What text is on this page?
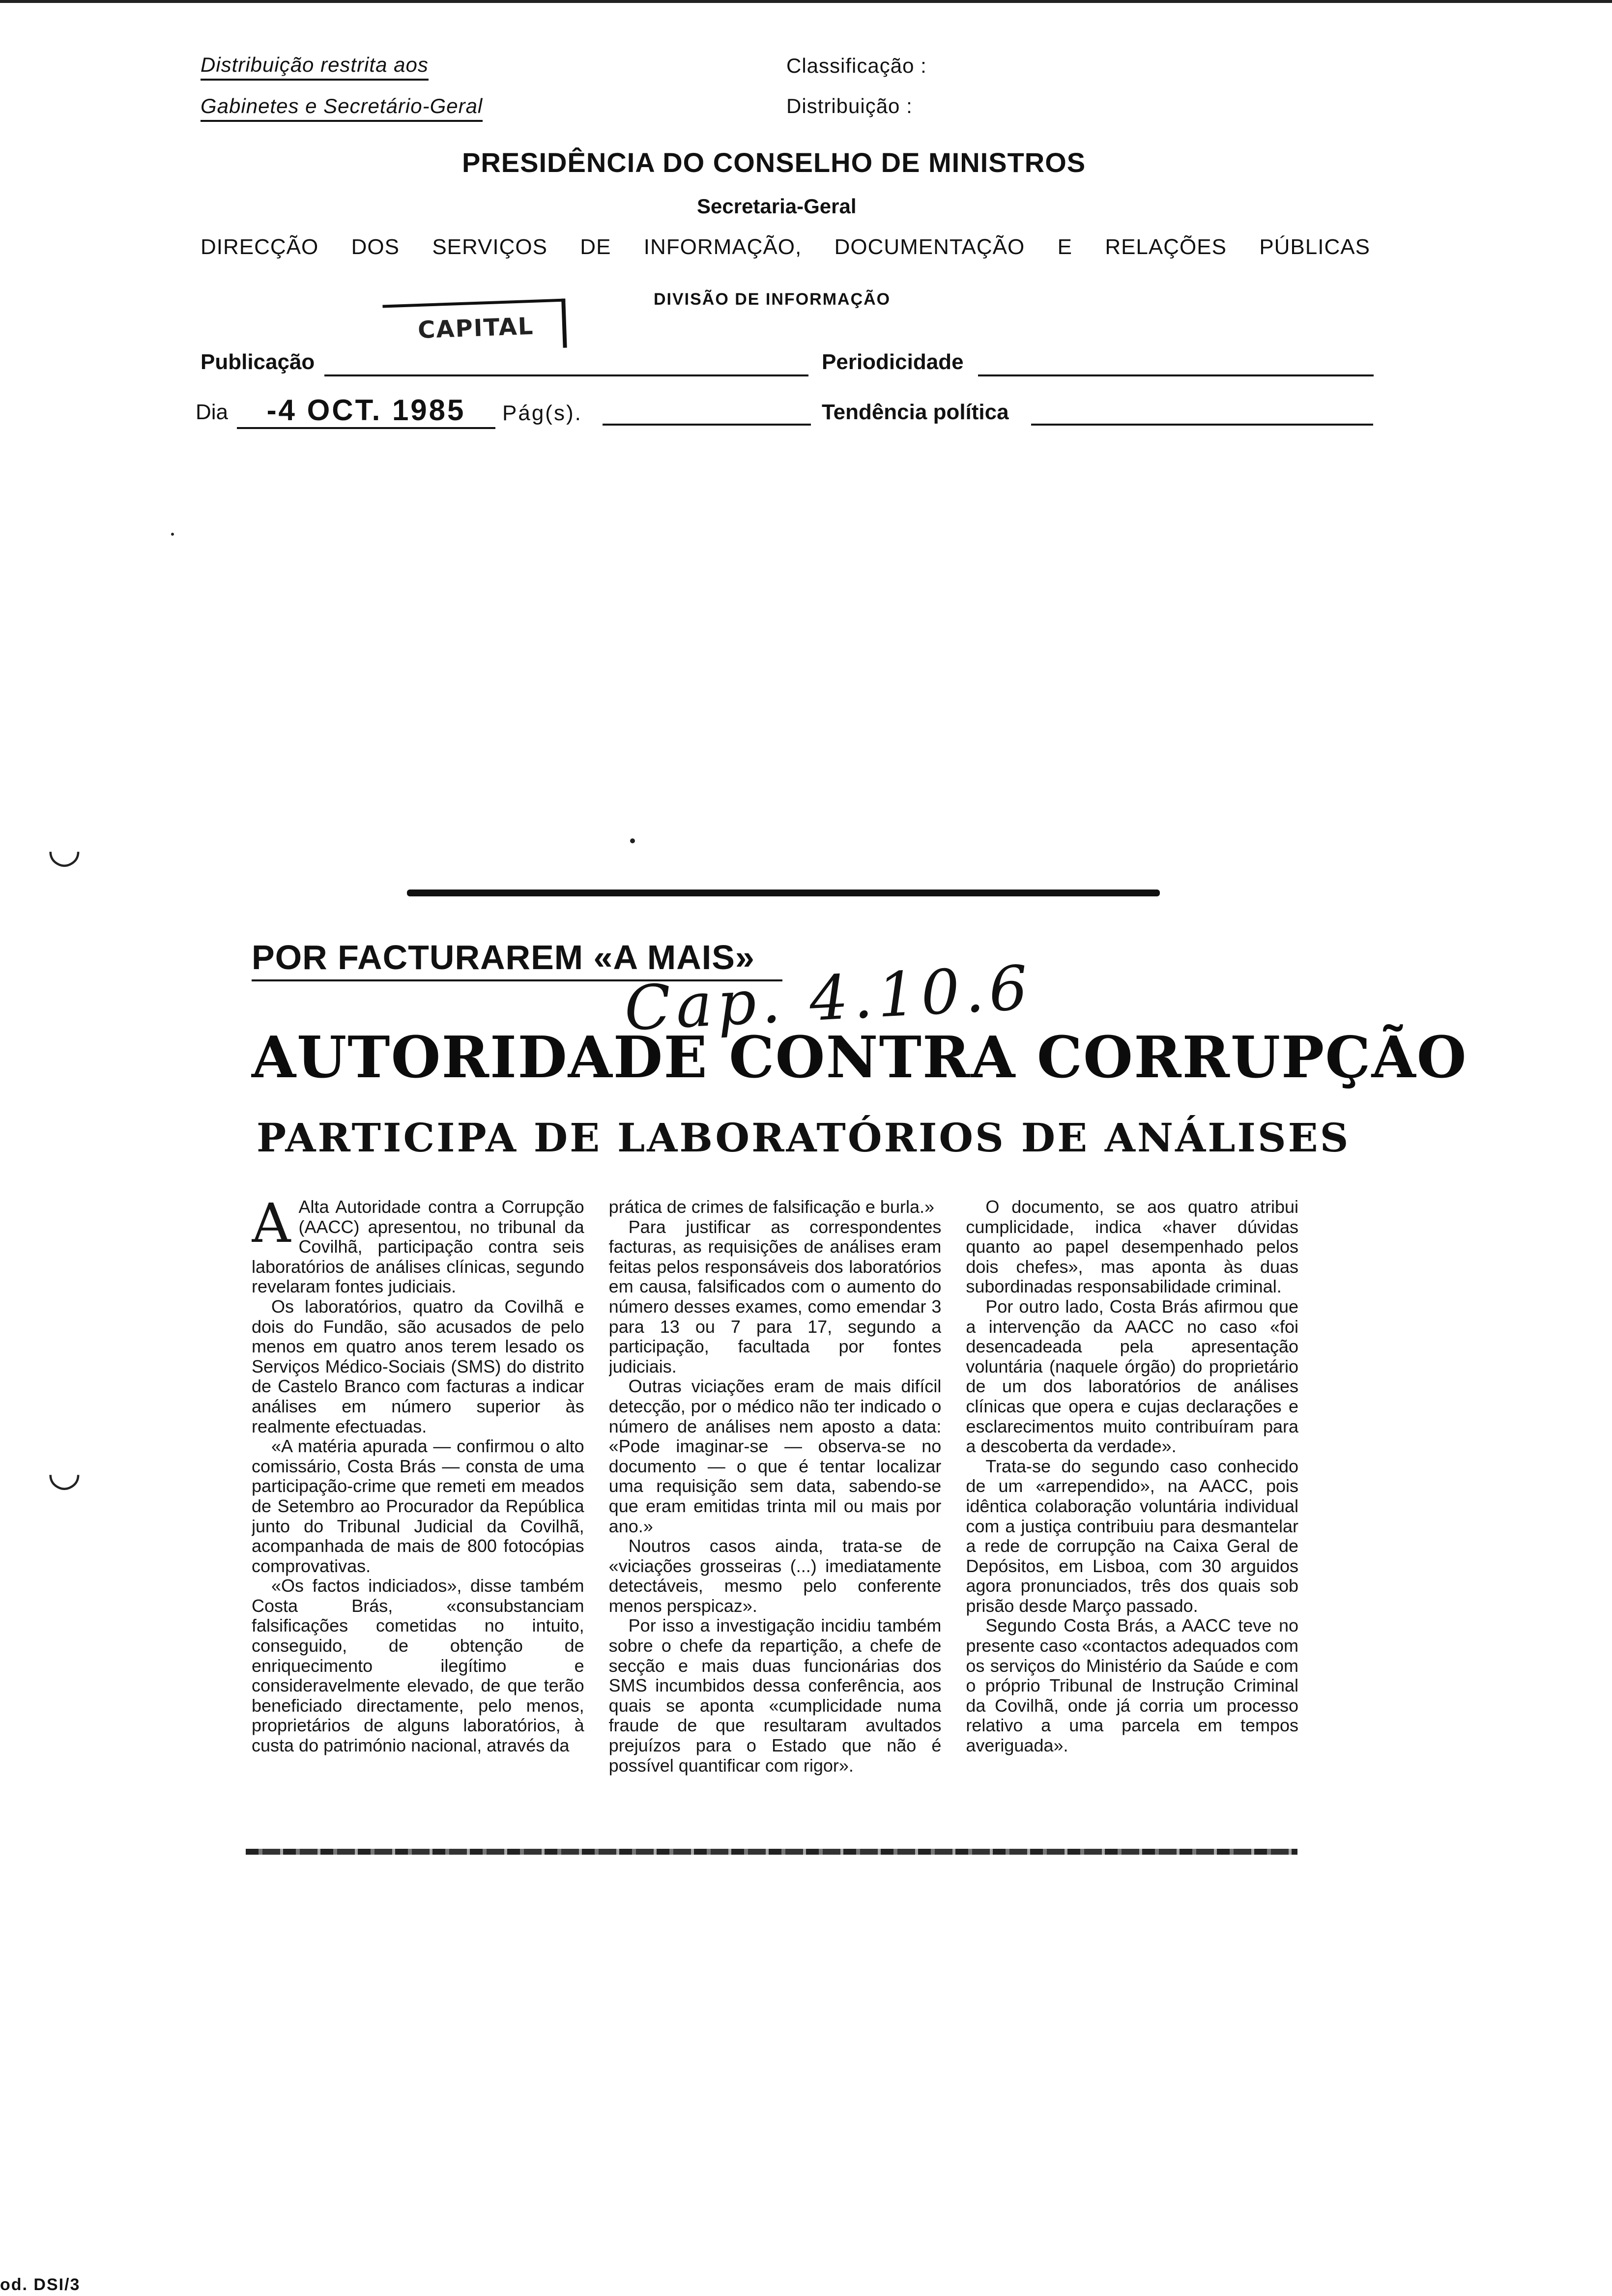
Distribuição restrita aos
Gabinetes e Secretário-Geral
Classificação :
Distribuição :
PRESIDÊNCIA DO CONSELHO DE MINISTROS
Secretaria-Geral
DIRECÇÃO DOS SERVIÇOS DE INFORMAÇÃO, DOCUMENTAÇÃO E RELAÇÕES PÚBLICAS
DIVISÃO DE INFORMAÇÃO
CAPITAL
Publicação	Periodicidade
Dia	-4 OCT. 1985	Pág(s).	Tendência política
◡
◡
POR FACTURAREM «A MAIS»
Cap. 4.10.6
AUTORIDADE CONTRA CORRUPÇÃO
PARTICIPA DE LABORATÓRIOS DE ANÁLISES
A Alta Autoridade contra a Corrupção (AACC) apresentou, no tribunal da Covilhã, participação contra seis laboratórios de análises clínicas, segundo revelaram fontes judiciais.

Os laboratórios, quatro da Covilhã e dois do Fundão, são acusados de pelo menos em quatro anos terem lesado os Serviços Médico-Sociais (SMS) do distrito de Castelo Branco com facturas a indicar análises em número superior às realmente efectuadas.

«A matéria apurada — confirmou o alto comissário, Costa Brás — consta de uma participação-crime que remeti em meados de Setembro ao Procurador da República junto do Tribunal Judicial da Covilhã, acompanhada de mais de 800 fotocópias comprovativas.

«Os factos indiciados», disse também Costa Brás, «consubstanciam falsificações cometidas no intuito, conseguido, de obtenção de enriquecimento ilegítimo e consideravelmente elevado, de que terão beneficiado directamente, pelo menos, proprietários de alguns laboratórios, à custa do património nacional, através da

prática de crimes de falsificação e burla.»

Para justificar as correspondentes facturas, as requisições de análises eram feitas pelos responsáveis dos laboratórios em causa, falsificados com o aumento do número desses exames, como emendar 3 para 13 ou 7 para 17, segundo a participação, facultada por fontes judiciais.

Outras viciações eram de mais difícil detecção, por o médico não ter indicado o número de análises nem aposto a data: «Pode imaginar-se — observa-se no documento — o que é tentar localizar uma requisição sem data, sabendo-se que eram emitidas trinta mil ou mais por ano.»

Noutros casos ainda, trata-se de «viciações grosseiras (...) imediatamente detectáveis, mesmo pelo conferente menos perspicaz».

Por isso a investigação incidiu também sobre o chefe da repartição, a chefe de secção e mais duas funcionárias dos SMS incumbidos dessa conferência, aos quais se aponta «cumplicidade numa fraude de que resultaram avultados prejuízos para o Estado que não é possível quantificar com rigor».

O documento, se aos quatro atribui cumplicidade, indica «haver dúvidas quanto ao papel desempenhado pelos dois chefes», mas aponta às duas subordinadas responsabilidade criminal.

Por outro lado, Costa Brás afirmou que a intervenção da AACC no caso «foi desencadeada pela apresentação voluntária (naquele órgão) do proprietário de um dos laboratórios de análises clínicas que opera e cujas declarações e esclarecimentos muito contribuíram para a descoberta da verdade».

Trata-se do segundo caso conhecido de um «arrependido», na AACC, pois idêntica colaboração voluntária individual com a justiça contribuiu para desmantelar a rede de corrupção na Caixa Geral de Depósitos, em Lisboa, com 30 arguidos agora pronunciados, três dos quais sob prisão desde Março passado.

Segundo Costa Brás, a AACC teve no presente caso «contactos adequados com os serviços do Ministério da Saúde e com o próprio Tribunal de Instrução Criminal da Covilhã, onde já corria um processo relativo a uma parcela em tempos averiguada».

od. DSI/3
